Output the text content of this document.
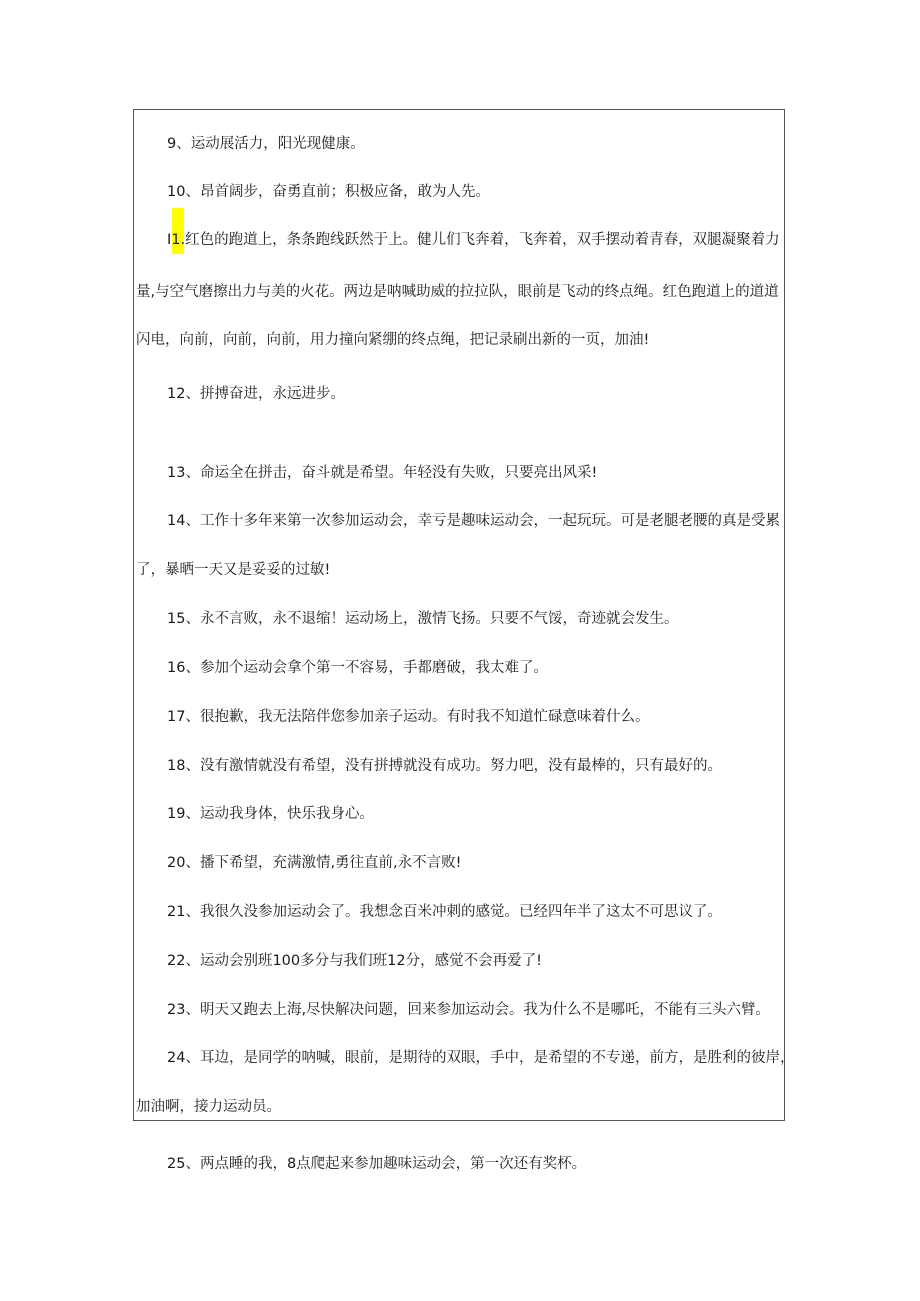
9、运动展活力，阳光现健康。
10、昂首阔步，奋勇直前；积极应备，敢为人先。
I1.红色的跑道上，条条跑线跃然于上。健儿们飞奔着，飞奔着，双手摆动着青春，双腿凝聚着力
量,与空气磨擦出力与美的火花。两边是呐喊助威的拉拉队，眼前是飞动的终点绳。红色跑道上的道道
闪电，向前，向前，向前，用力撞向紧绷的终点绳，把记录刷出新的一页，加油!
12、拼搏奋进，永远进步。
13、命运全在拼击，奋斗就是希望。年轻没有失败，只要亮出风采!
14、工作十多年来第一次参加运动会，幸亏是趣味运动会，一起玩玩。可是老腿老腰的真是受累
了，暴晒一天又是妥妥的过敏!
15、永不言败，永不退缩！运动场上，激情飞扬。只要不气馁，奇迹就会发生。
16、参加个运动会拿个第一不容易，手都磨破，我太难了。
17、很抱歉，我无法陪伴您参加亲子运动。有时我不知道忙碌意味着什么。
18、没有激情就没有希望，没有拼搏就没有成功。努力吧，没有最棒的，只有最好的。
19、运动我身体，快乐我身心。
20、播下希望，充满激情,勇往直前,永不言败!
21、我很久没参加运动会了。我想念百米冲刺的感觉。已经四年半了这太不可思议了。
22、运动会别班100多分与我们班12分，感觉不会再爱了!
23、明天又跑去上海,尽快解决问题，回来参加运动会。我为什么不是哪吒，不能有三头六臂。
24、耳边，是同学的呐喊，眼前，是期待的双眼，手中，是希望的不专递，前方，是胜利的彼岸，
加油啊，接力运动员。
25、两点睡的我，8点爬起来参加趣味运动会，第一次还有奖杯。
